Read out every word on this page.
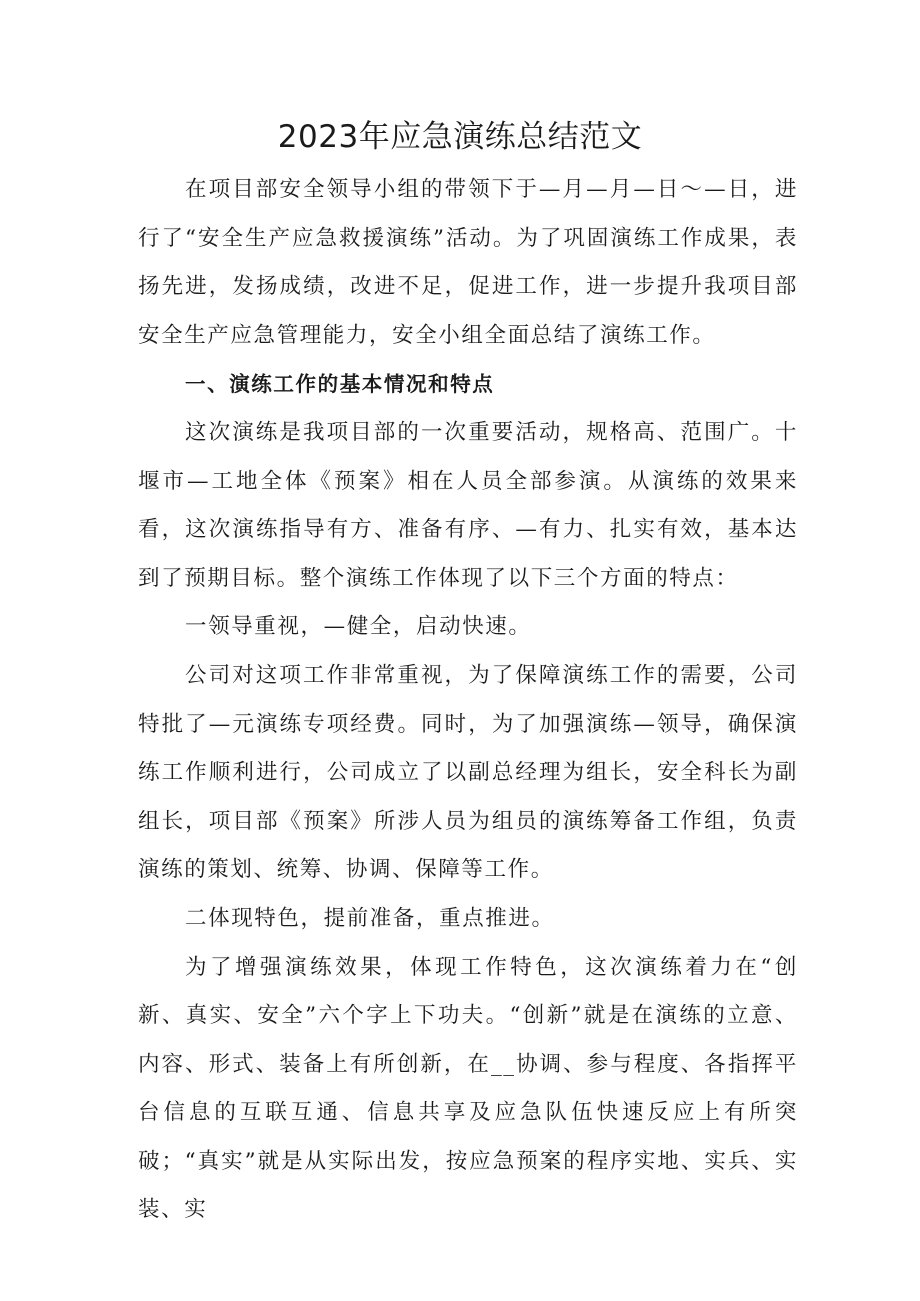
2023年应急演练总结范文

在项目部安全领导小组的带领下于—月—月—日～—日，进行了“安全生产应急救援演练”活动。为了巩固演练工作成果，表扬先进，发扬成绩，改进不足，促进工作，进一步提升我项目部安全生产应急管理能力，安全小组全面总结了演练工作。

一、演练工作的基本情况和特点

这次演练是我项目部的一次重要活动，规格高、范围广。十堰市—工地全体《预案》相在人员全部参演。从演练的效果来看，这次演练指导有方、准备有序、—有力、扎实有效，基本达到了预期目标。整个演练工作体现了以下三个方面的特点：

一领导重视，—健全，启动快速。

公司对这项工作非常重视，为了保障演练工作的需要，公司特批了—元演练专项经费。同时，为了加强演练—领导，确保演练工作顺利进行，公司成立了以副总经理为组长，安全科长为副组长，项目部《预案》所涉人员为组员的演练筹备工作组，负责演练的策划、统筹、协调、保障等工作。

二体现特色，提前准备，重点推进。

为了增强演练效果，体现工作特色，这次演练着力在“创新、真实、安全”六个字上下功夫。“创新”就是在演练的立意、内容、形式、装备上有所创新，在__协调、参与程度、各指挥平台信息的互联互通、信息共享及应急队伍快速反应上有所突破；“真实”就是从实际出发，按应急预案的程序实地、实兵、实装、实
